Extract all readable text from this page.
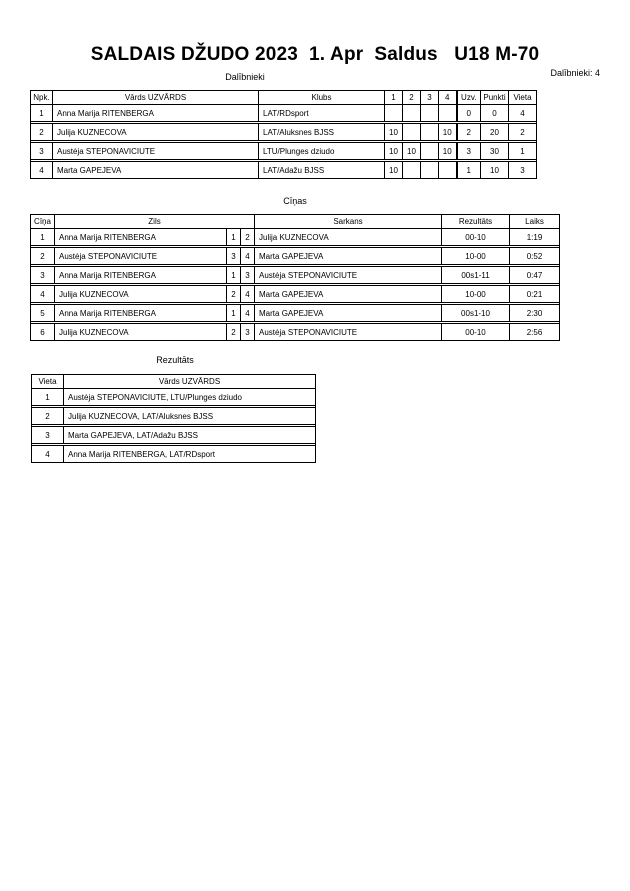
SALDAIS DŽUDO 2023  1. Apr  Saldus   U18 M-70
Dalībnieki: 4
Dalībnieki
Npk.	Vārds UZVĀRDS	Klubs	1	2	3	4	Uzv.	Punkti	Vieta
1	Anna Marija RITENBERGA	LAT/RDsport					0	0	4

2	Julija KUZNECOVA	LAT/Aluksnes BJSS	10			10	2	20	2

3	Austėja STEPONAVICIUTE	LTU/Plunges dziudo	10	10		10	3	30	1

4	Marta GAPEJEVA	LAT/Adažu BJSS	10				1	10	3
Cīņas
Cīņa	Zils			Sarkans	Rezultāts	Laiks
1	Anna Marija RITENBERGA	1	2	Julija KUZNECOVA	00-10	1:19

2	Austėja STEPONAVICIUTE	3	4	Marta GAPEJEVA	10-00	0:52

3	Anna Marija RITENBERGA	1	3	Austėja STEPONAVICIUTE	00s1-11	0:47

4	Julija KUZNECOVA	2	4	Marta GAPEJEVA	10-00	0:21

5	Anna Marija RITENBERGA	1	4	Marta GAPEJEVA	00s1-10	2:30

6	Julija KUZNECOVA	2	3	Austėja STEPONAVICIUTE	00-10	2:56
Rezultāts
Vieta	Vārds UZVĀRDS
1	Austėja STEPONAVICIUTE, LTU/Plunges dziudo

2	Julija KUZNECOVA, LAT/Aluksnes BJSS

3	Marta GAPEJEVA, LAT/Adažu BJSS

4	Anna Marija RITENBERGA, LAT/RDsport
